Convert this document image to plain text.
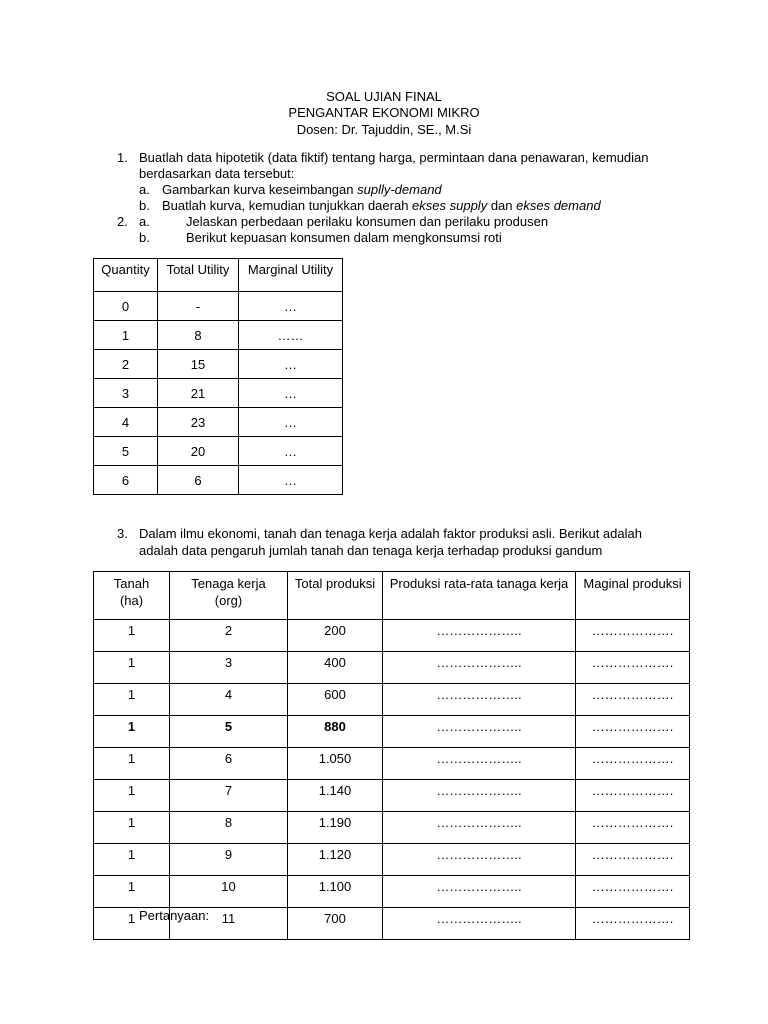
SOAL UJIAN FINAL
PENGANTAR EKONOMI MIKRO
Dosen: Dr. Tajuddin, SE., M.Si
1. Buatlah data hipotetik (data fiktif) tentang harga, permintaan dana penawaran, kemudian
berdasarkan data tersebut:
a. Gambarkan kurva keseimbangan suplly-demand
b. Buatlah kurva, kemudian tunjukkan daerah ekses supply dan ekses demand
2. a.	Jelaskan perbedaan perilaku konsumen dan perilaku produsen
b.	Berikut kepuasan konsumen dalam mengkonsumsi roti
Quantity	Total Utility	Marginal Utility
0	-	…
1	8	……
2	15	…
3	21	…
4	23	…
5	20	…
6	6	…
3. Dalam ilmu ekonomi, tanah dan tenaga kerja adalah faktor produksi asli. Berikut adalah
adalah data pengaruh jumlah tanah dan tenaga kerja terhadap produksi gandum
Tanah
(ha)	Tenaga kerja
(org)	Total produksi	Produksi rata-rata tanaga kerja	Maginal produksi
1	2	200	………………..	……………….
1	3	400	………………..	……………….
1	4	600	………………..	……………….
1	5	880	………………..	……………….
1	6	1.050	………………..	……………….
1	7	1.140	………………..	……………….
1	8	1.190	………………..	……………….
1	9	1.120	………………..	……………….
1	10	1.100	………………..	……………….
1	11	700	………………..	……………….
Pertanyaan:
